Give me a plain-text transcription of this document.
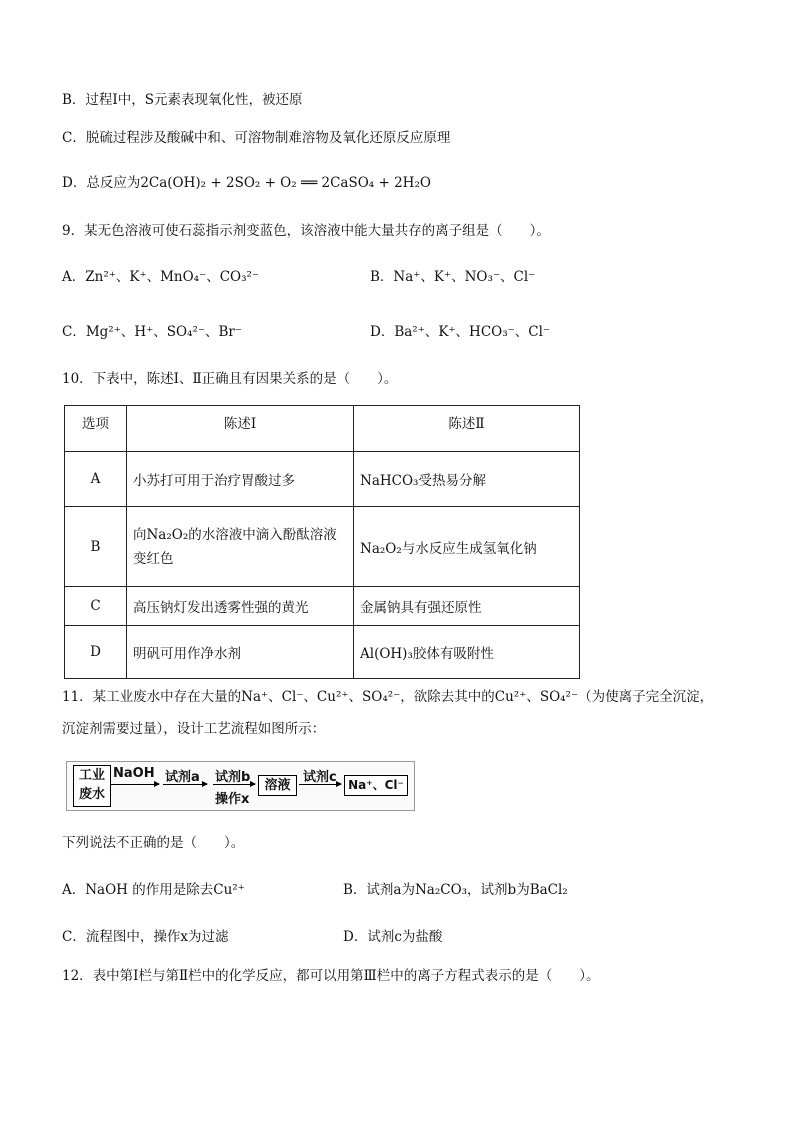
B．过程Ⅰ中，S元素表现氧化性，被还原
C．脱硫过程涉及酸碱中和、可溶物制难溶物及氧化还原反应原理
D．总反应为2Ca(OH)₂ + 2SO₂ + O₂ ══ 2CaSO₄ + 2H₂O
9．某无色溶液可使石蕊指示剂变蓝色，该溶液中能大量共存的离子组是（　　）。
A．Zn²⁺、K⁺、MnO₄⁻、CO₃²⁻	B．Na⁺、K⁺、NO₃⁻、Cl⁻
C．Mg²⁺、H⁺、SO₄²⁻、Br⁻	D．Ba²⁺、K⁺、HCO₃⁻、Cl⁻
10．下表中，陈述Ⅰ、Ⅱ正确且有因果关系的是（　　）。
选项	陈述Ⅰ	陈述Ⅱ
A	小苏打可用于治疗胃酸过多	NaHCO₃受热易分解
B	向Na₂O₂的水溶液中滴入酚酞溶液变红色	Na₂O₂与水反应生成氢氧化钠
C	高压钠灯发出透雾性强的黄光	金属钠具有强还原性
D	明矾可用作净水剂	Al(OH)₃胶体有吸附性
11．某工业废水中存在大量的Na⁺、Cl⁻、Cu²⁺、SO₄²⁻，欲除去其中的Cu²⁺、SO₄²⁻（为使离子完全沉淀，
沉淀剂需要过量），设计工艺流程如图所示：
工业
废水
NaOH 试剂a 试剂b
操作x
溶液
试剂c Na⁺、Cl⁻
下列说法不正确的是（　　）。
A．NaOH 的作用是除去Cu²⁺	B．试剂a为Na₂CO₃，试剂b为BaCl₂
C．流程图中，操作x为过滤	D．试剂c为盐酸
12．表中第Ⅰ栏与第Ⅱ栏中的化学反应，都可以用第Ⅲ栏中的离子方程式表示的是（　　）。
